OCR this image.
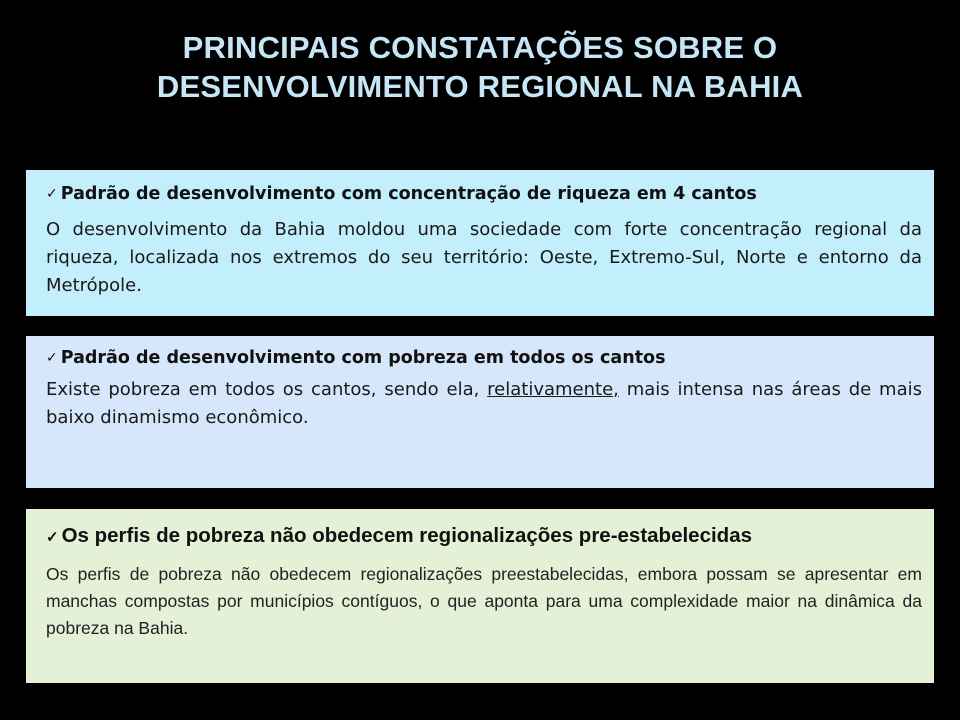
PRINCIPAIS CONSTATAÇÕES SOBRE O
DESENVOLVIMENTO REGIONAL NA BAHIA
✓ Padrão de desenvolvimento com concentração de riqueza em 4 cantos
O desenvolvimento da Bahia moldou uma sociedade com forte concentração regional da riqueza, localizada nos extremos do seu território: Oeste, Extremo-Sul, Norte e entorno da Metrópole.
✓ Padrão de desenvolvimento com pobreza em todos os cantos
Existe pobreza em todos os cantos, sendo ela, relativamente, mais intensa nas áreas de mais baixo dinamismo econômico.
✓ Os perfis de pobreza não obedecem regionalizações pre-estabelecidas
Os perfis de pobreza não obedecem regionalizações preestabelecidas, embora possam se apresentar em manchas compostas por municípios contíguos, o que aponta para uma complexidade maior na dinâmica da pobreza na Bahia.
